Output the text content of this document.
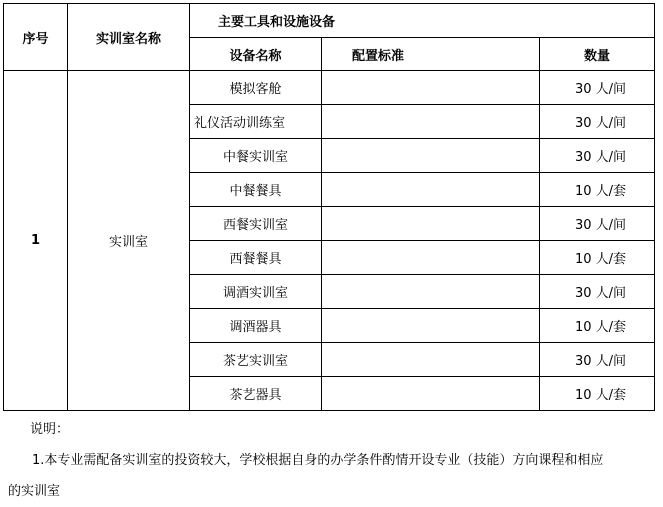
序号	实训室名称	主要工具和设施设备		
		设备名称	配置标准	数量
1	实训室	模拟客舱		30 人/间
		礼仪活动训练室		30 人/间
		中餐实训室		30 人/间
		中餐餐具		10 人/套
		西餐实训室		30 人/间
		西餐餐具		10 人/套
		调酒实训室		30 人/间
		调酒器具		10 人/套
		茶艺实训室		30 人/间
		茶艺器具		10 人/套
说明：
1.本专业需配备实训室的投资较大，学校根据自身的办学条件酌情开设专业（技能）方向课程和相应
的实训室
